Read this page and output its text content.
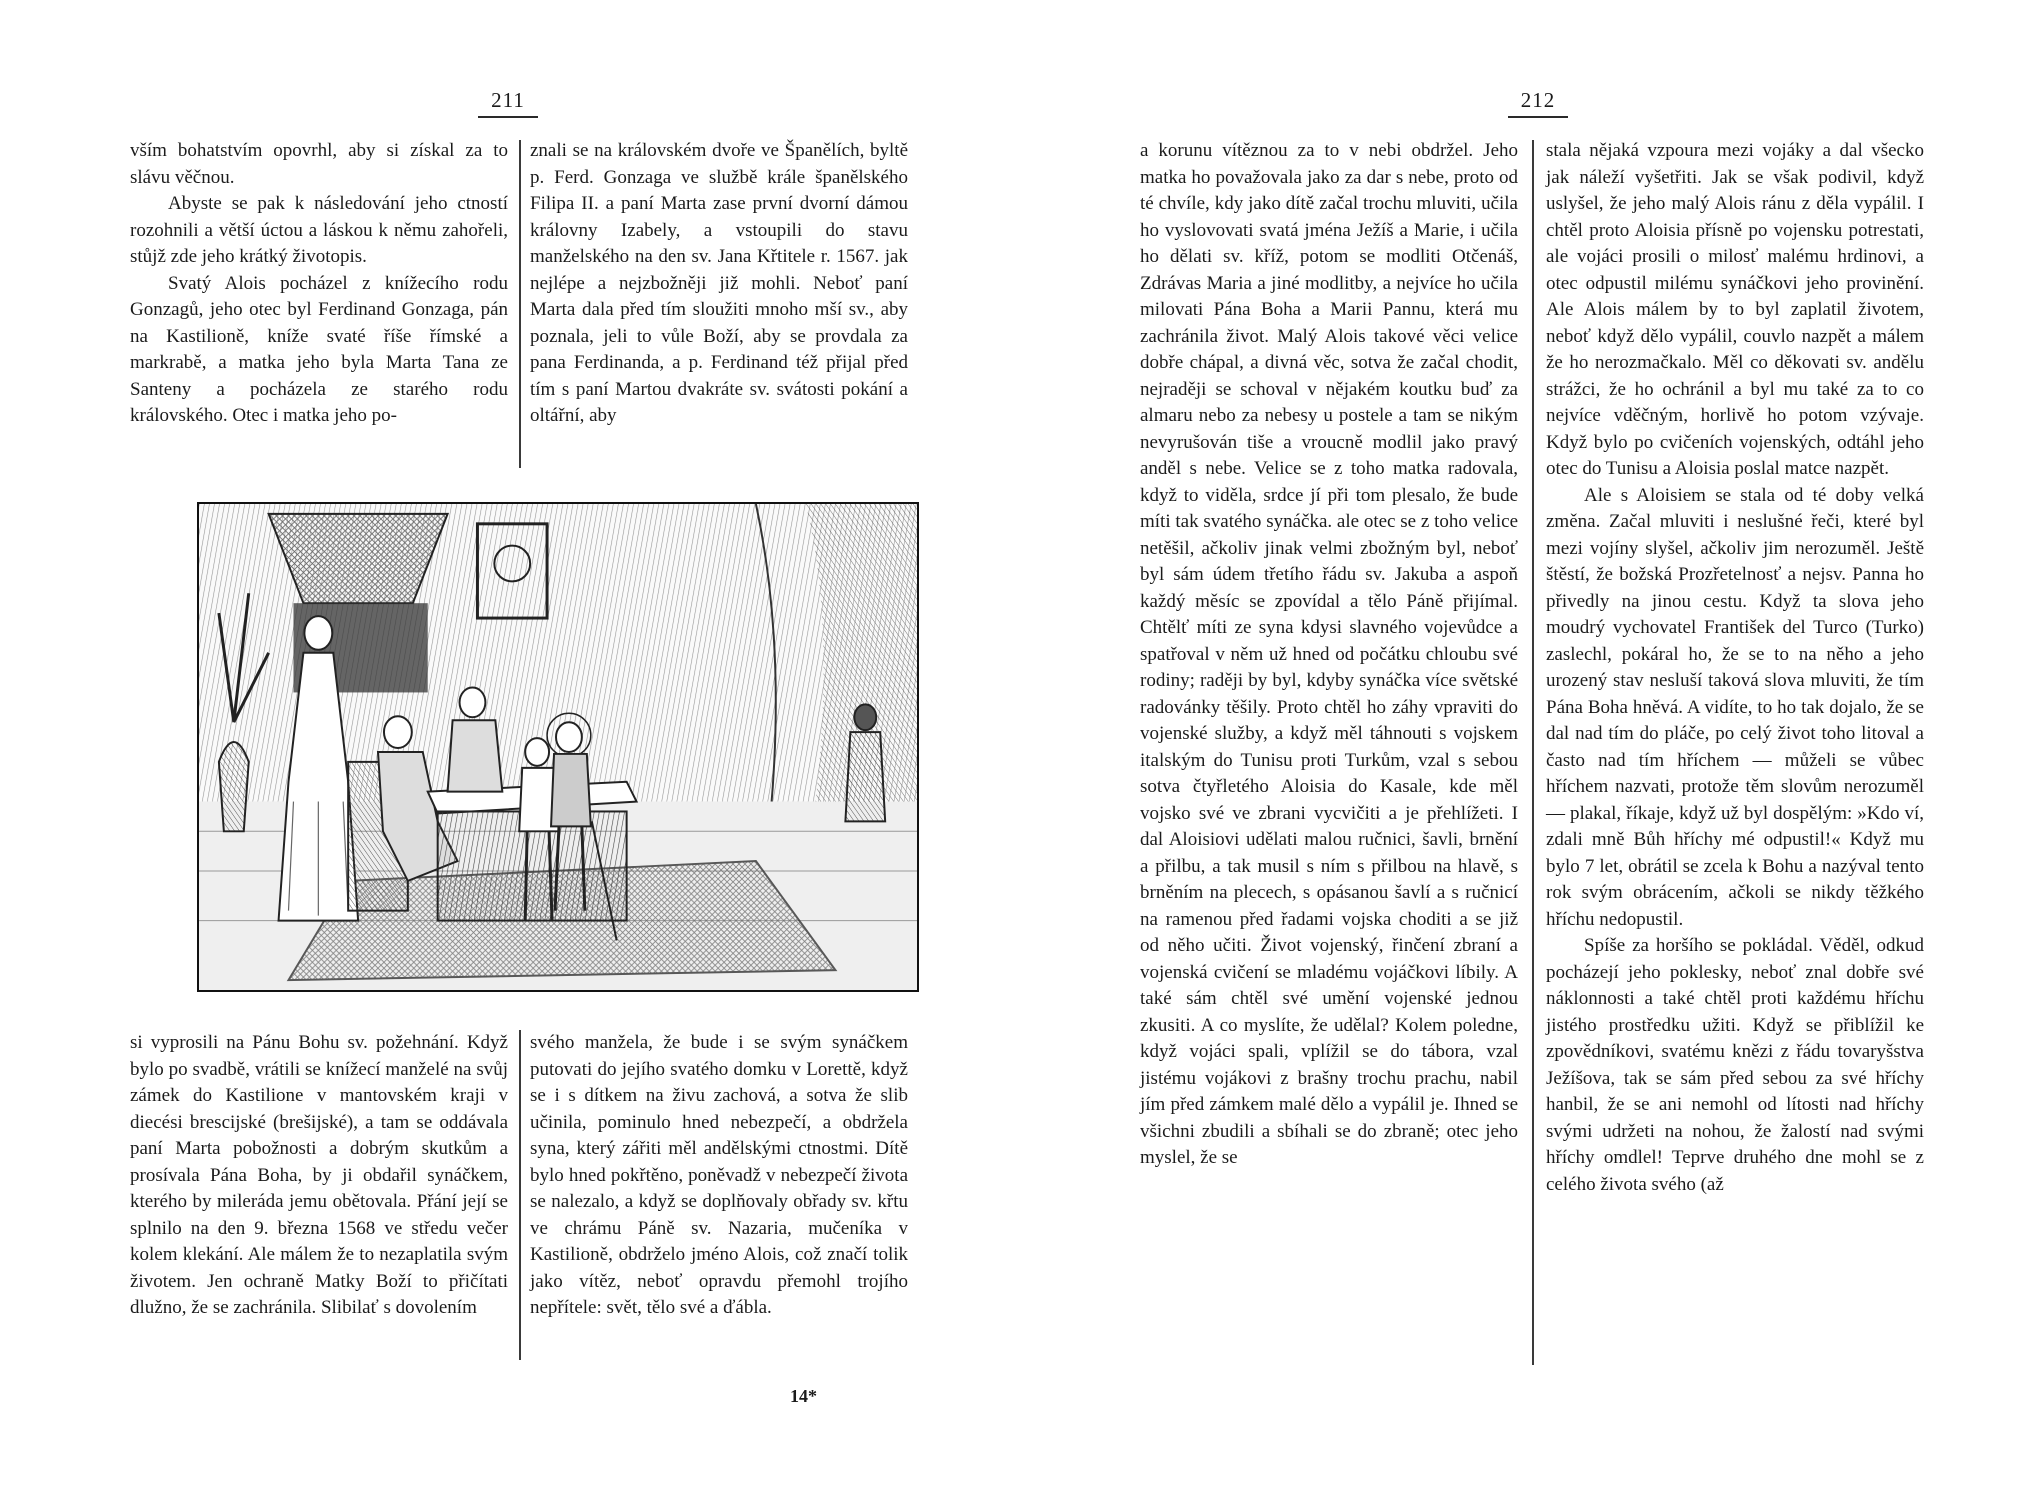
211

vším bohatstvím opovrhl, aby si získal za to slávu věčnou.

Abyste se pak k následování jeho ctností rozohnili a větší úctou a láskou k němu zahořeli, stůjž zde jeho krátký životopis.

Svatý Alois pocházel z knížecího rodu Gonzagů, jeho otec byl Ferdinand Gonzaga, pán na Kastilioně, kníže svaté říše římské a markrabě, a matka jeho byla Marta Tana ze Santeny a pocházela ze starého rodu královského. Otec i matka jeho po-

znali se na královském dvoře ve Španělích, byltě p. Ferd. Gonzaga ve službě krále španělského Filipa II. a paní Marta zase první dvorní dámou královny Izabely, a vstoupili do stavu manželského na den sv. Jana Křtitele r. 1567. jak nejlépe a nejzbožněji již mohli. Neboť paní Marta dala před tím sloužiti mnoho mší sv., aby poznala, jeli to vůle Boží, aby se provdala za pana Ferdinanda, a p. Ferdinand též přijal před tím s paní Martou dvakráte sv. svátosti pokání a oltářní, aby

si vyprosili na Pánu Bohu sv. požehnání. Když bylo po svadbě, vrátili se knížecí manželé na svůj zámek do Kastilione v mantovském kraji v diecési brescijské (brešijské), a tam se oddávala paní Marta pobožnosti a dobrým skutkům a prosívala Pána Boha, by ji obdařil synáčkem, kterého by mileráda jemu obětovala. Přání její se splnilo na den 9. března 1568 ve středu večer kolem klekání. Ale málem že to nezaplatila svým životem. Jen ochraně Matky Boží to přičítati dlužno, že se zachránila. Slibilať s dovolením

svého manžela, že bude i se svým synáčkem putovati do jejího svatého domku v Lorettě, když se i s dítkem na živu zachová, a sotva že slib učinila, pominulo hned nebezpečí, a obdržela syna, který zářiti měl andělskými ctnostmi. Dítě bylo hned pokřtěno, poněvadž v nebezpečí života se nalezalo, a když se doplňovaly obřady sv. křtu ve chrámu Páně sv. Nazaria, mučeníka v Kastilioně, obdrželo jméno Alois, což značí tolik jako vítěz, neboť opravdu přemohl trojího nepřítele: svět, tělo své a ďábla.

14*
212

a korunu vítěznou za to v nebi obdržel. Jeho matka ho považovala jako za dar s nebe, proto od té chvíle, kdy jako dítě začal trochu mluviti, učila ho vyslovovati svatá jména Ježíš a Marie, i učila ho dělati sv. kříž, potom se modliti Otčenáš, Zdrávas Maria a jiné modlitby, a nejvíce ho učila milovati Pána Boha a Marii Pannu, která mu zachránila život. Malý Alois takové věci velice dobře chápal, a divná věc, sotva že začal chodit, nejraději se schoval v nějakém koutku buď za almaru nebo za nebesy u postele a tam se nikým nevyrušován tiše a vroucně modlil jako pravý anděl s nebe. Velice se z toho matka radovala, když to viděla, srdce jí při tom plesalo, že bude míti tak svatého synáčka. ale otec se z toho velice netěšil, ačkoliv jinak velmi zbožným byl, neboť byl sám údem třetího řádu sv. Jakuba a aspoň každý měsíc se zpovídal a tělo Páně přijímal. Chtělť míti ze syna kdysi slavného vojevůdce a spatřoval v něm už hned od počátku chloubu své rodiny; raději by byl, kdyby synáčka více světské radovánky těšily. Proto chtěl ho záhy vpraviti do vojenské služby, a když měl táhnouti s vojskem italským do Tunisu proti Turkům, vzal s sebou sotva čtyřletého Aloisia do Kasale, kde měl vojsko své ve zbrani vycvičiti a je přehlížeti. I dal Aloisiovi udělati malou ručnici, šavli, brnění a přilbu, a tak musil s ním s přilbou na hlavě, s brněním na plecech, s opásanou šavlí a s ručnicí na ramenou před řadami vojska choditi a se již od něho učiti. Život vojenský, řinčení zbraní a vojenská cvičení se mladému vojáčkovi líbily. A také sám chtěl své umění vojenské jednou zkusiti. A co myslíte, že udělal? Kolem poledne, když vojáci spali, vplížil se do tábora, vzal jistému vojákovi z brašny trochu prachu, nabil jím před zámkem malé dělo a vypálil je. Ihned se všichni zbudili a sbíhali se do zbraně; otec jeho myslel, že se

stala nějaká vzpoura mezi vojáky a dal všecko jak náleží vyšetřiti. Jak se však podivil, když uslyšel, že jeho malý Alois ránu z děla vypálil. I chtěl proto Aloisia přísně po vojensku potrestati, ale vojáci prosili o milosť malému hrdinovi, a otec odpustil milému synáčkovi jeho provinění. Ale Alois málem by to byl zaplatil životem, neboť když dělo vypálil, couvlo nazpět a málem že ho nerozmačkalo. Měl co děkovati sv. andělu strážci, že ho ochránil a byl mu také za to co nejvíce vděčným, horlivě ho potom vzývaje. Když bylo po cvičeních vojenských, odtáhl jeho otec do Tunisu a Aloisia poslal matce nazpět.

Ale s Aloisiem se stala od té doby velká změna. Začal mluviti i neslušné řeči, které byl mezi vojíny slyšel, ačkoliv jim nerozuměl. Ještě štěstí, že božská Prozřetelnosť a nejsv. Panna ho přivedly na jinou cestu. Když ta slova jeho moudrý vychovatel František del Turco (Turko) zaslechl, pokáral ho, že se to na něho a jeho urozený stav nesluší taková slova mluviti, že tím Pána Boha hněvá. A vidíte, to ho tak dojalo, že se dal nad tím do pláče, po celý život toho litoval a často nad tím hříchem — můželi se vůbec hříchem nazvati, protože těm slovům nerozuměl — plakal, říkaje, když už byl dospělým: »Kdo ví, zdali mně Bůh hříchy mé odpustil!« Když mu bylo 7 let, obrátil se zcela k Bohu a nazýval tento rok svým obrácením, ačkoli se nikdy těžkého hříchu nedopustil.

Spíše za horšího se pokládal. Věděl, odkud pocházejí jeho poklesky, neboť znal dobře své náklonnosti a také chtěl proti každému hříchu jistého prostředku užiti. Když se přiblížil ke zpovědníkovi, svatému knězi z řádu tovaryšstva Ježíšova, tak se sám před sebou za své hříchy hanbil, že se ani nemohl od lítosti nad hříchy svými udržeti na nohou, že žalostí nad svými hříchy omdlel! Teprve druhého dne mohl se z celého života svého (až
